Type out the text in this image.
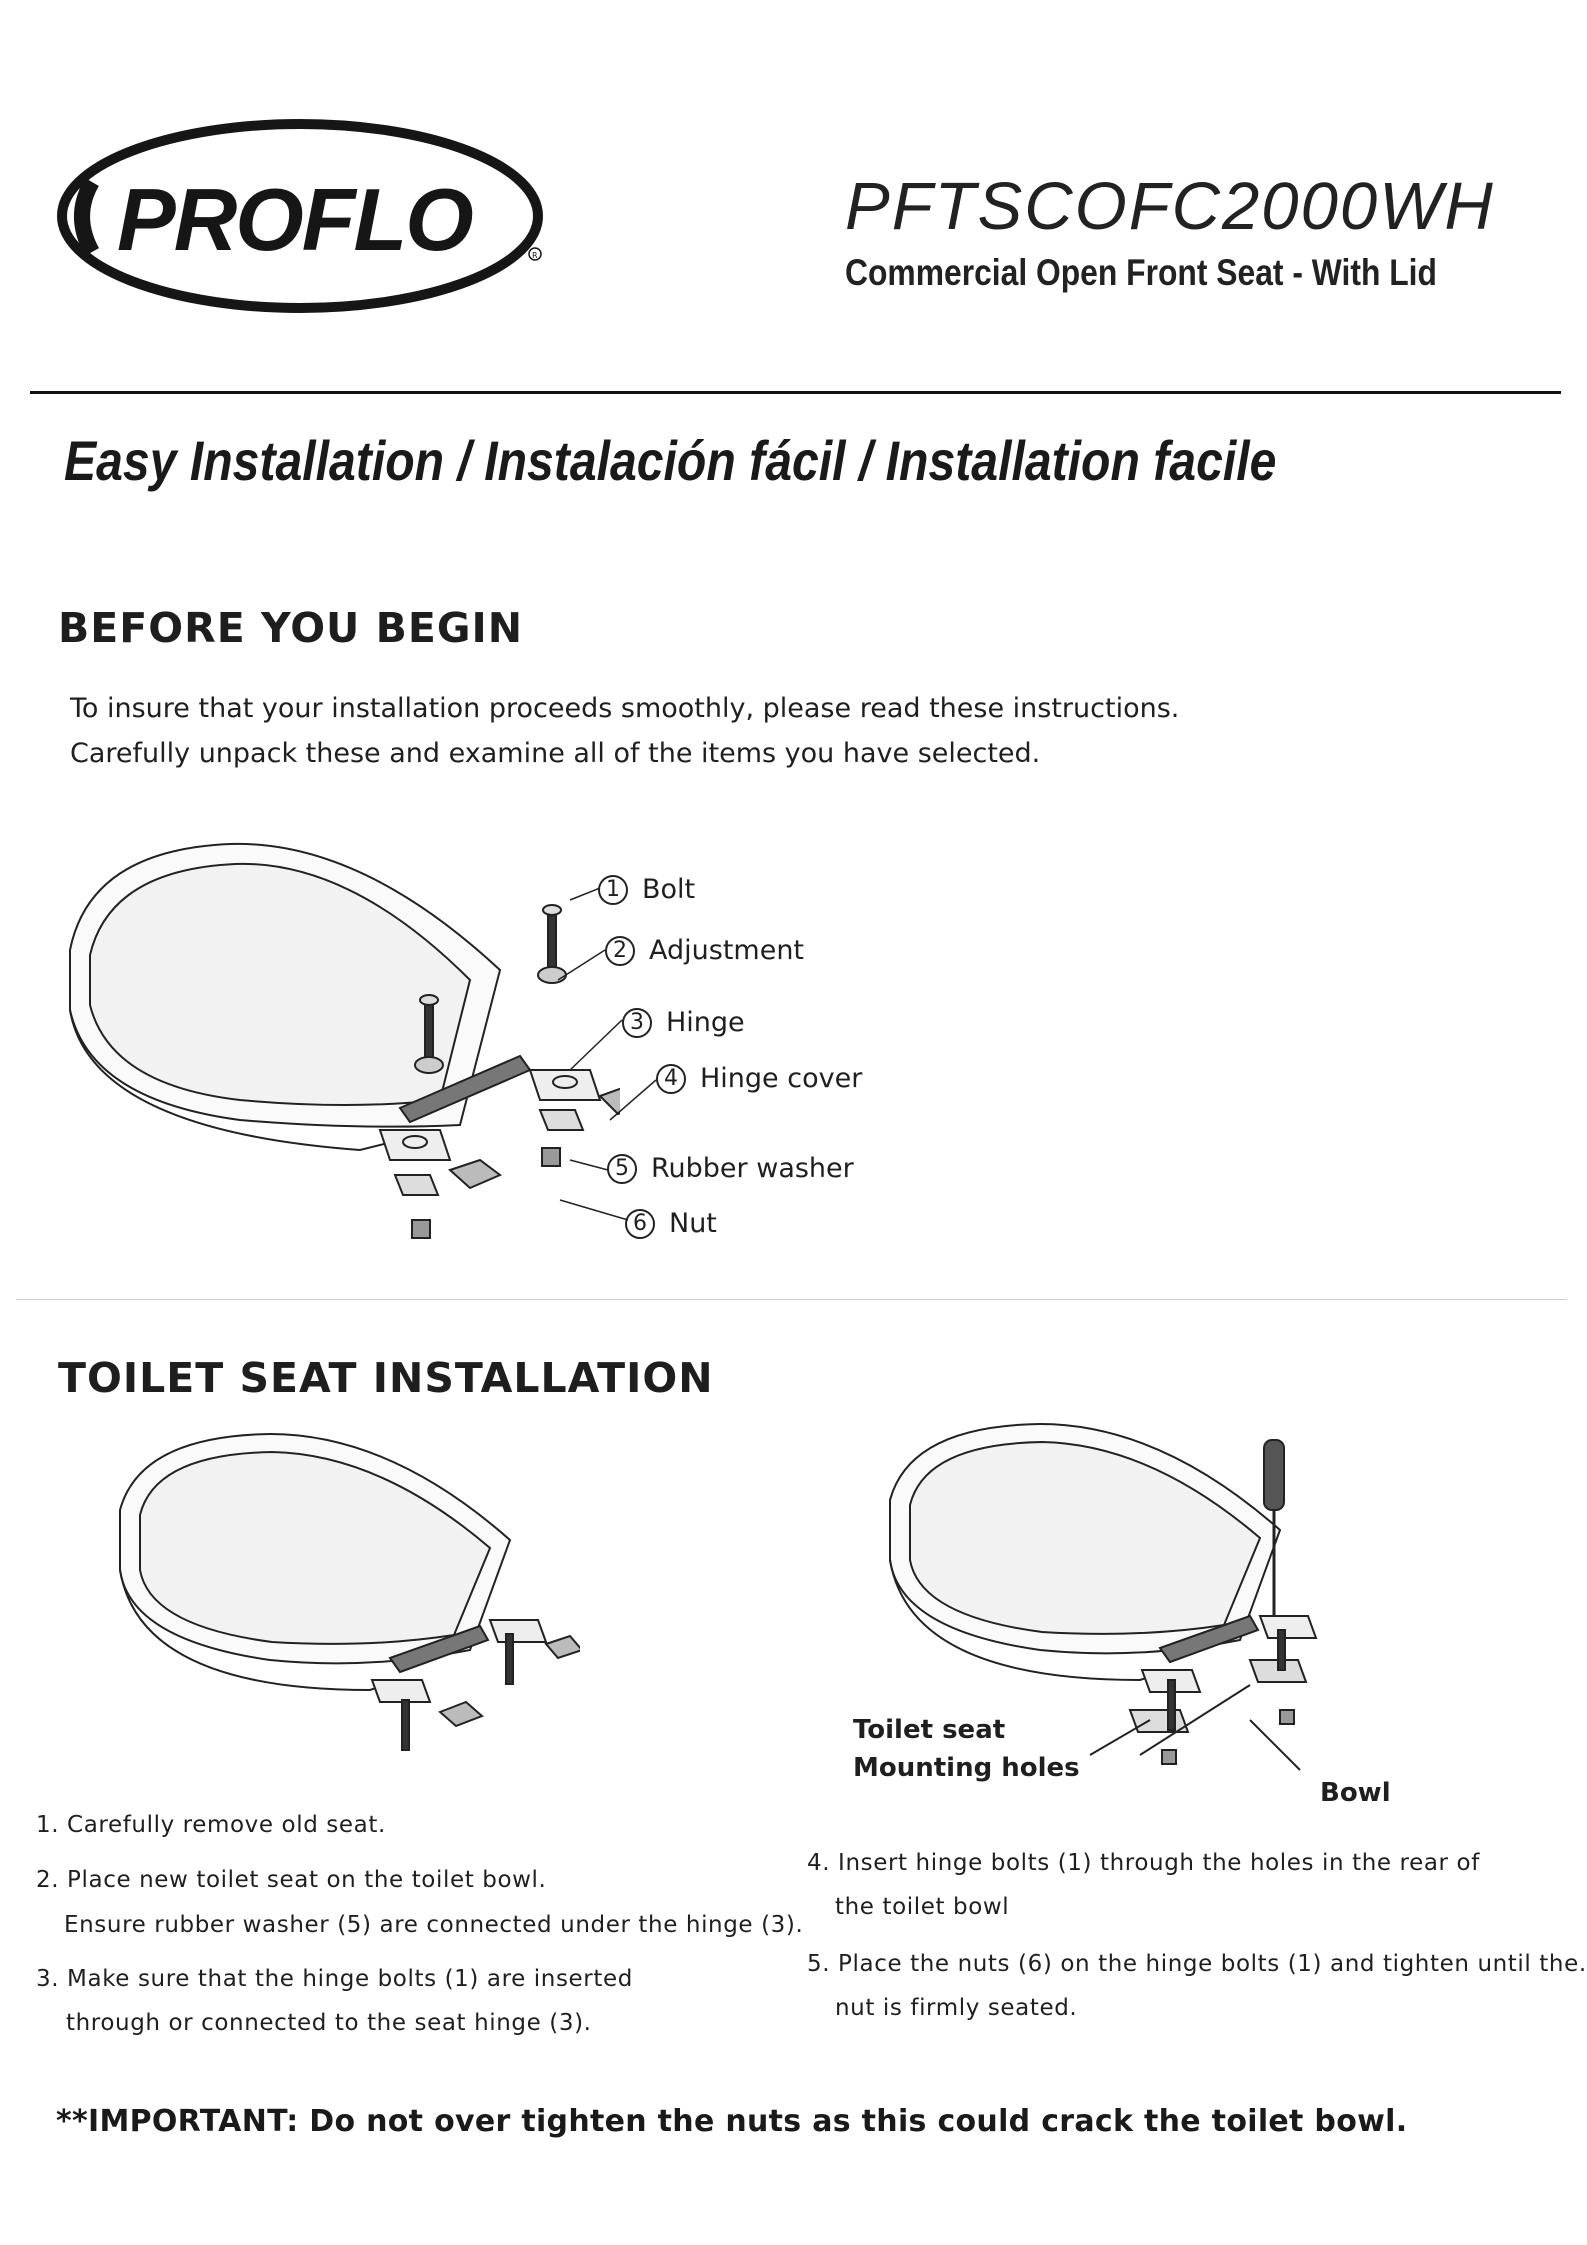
PROFLO	R
PFTSCOFC2000WH
Commercial Open Front Seat - With Lid
Easy Installation / Instalación fácil / Installation facile
BEFORE YOU BEGIN
To insure that your installation proceeds smoothly, please read these instructions.
Carefully unpack these and examine all of the items you have selected.
1 Bolt
2 Adjustment
3 Hinge
4 Hinge cover
5 Rubber washer
6 Nut
TOILET SEAT INSTALLATION
Toilet seat
Mounting holes
Bowl
1. Carefully remove old seat.
2. Place new toilet seat on the toilet bowl.
Ensure rubber washer (5) are connected under the hinge (3).
3. Make sure that the hinge bolts (1) are inserted
through or connected to the seat hinge (3).
4. Insert hinge bolts (1) through the holes in the rear of
the toilet bowl
5. Place the nuts (6) on the hinge bolts (1) and tighten until the.
nut is firmly seated.
**IMPORTANT: Do not over tighten the nuts as this could crack the toilet bowl.
